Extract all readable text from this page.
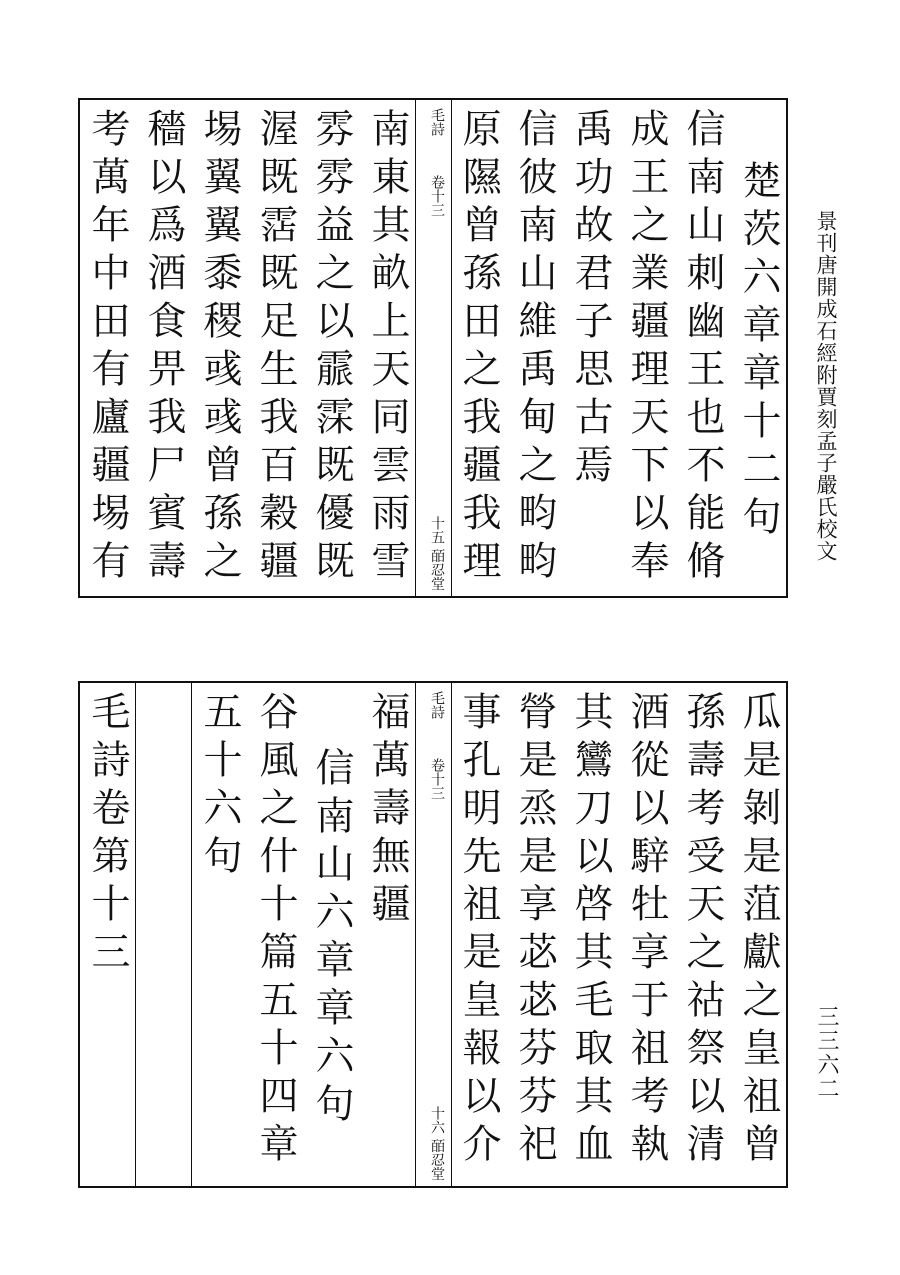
景刊唐開成石經附賈刻孟子嚴氏校文
三三六二
楚茨六章章十二句
信南山刺幽王也不能脩
成王之業疆理天下以奉
禹功故君子思古焉
信彼南山維禹甸之畇畇
原隰曾孫田之我疆我理
毛詩
卷十三
十五 皕忍堂
南東其畝上天同雲雨雪
雰雰益之以霢霂既優既
渥既霑既足生我百穀疆
埸翼翼黍稷彧彧曾孫之
穡以爲酒食畀我尸賓壽
考萬年中田有廬疆埸有
瓜是剝是菹獻之皇祖曾
孫壽考受天之祜祭以清
酒從以騂牡享于祖考執
其鸞刀以啓其毛取其血
膋是烝是享苾苾芬芬祀
事孔明先祖是皇報以介
毛詩
卷十三
十六 皕忍堂
福萬壽無疆
信南山六章章六句
谷風之什十篇五十四章
五十六句
毛詩卷第十三
